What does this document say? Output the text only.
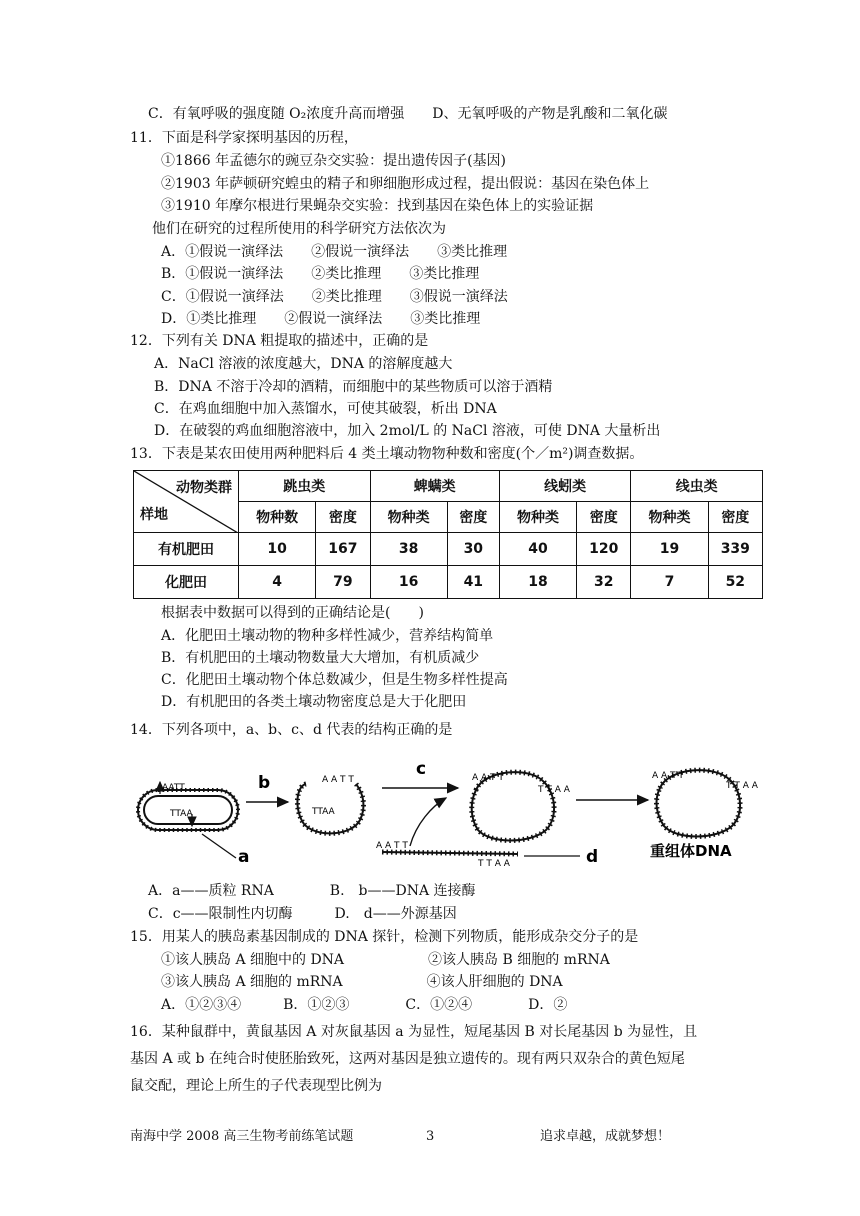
C．有氧呼吸的强度随 O₂浓度升高而增强　　D、无氧呼吸的产物是乳酸和二氧化碳
11．下面是科学家探明基因的历程，
①1866 年孟德尔的豌豆杂交实验：提出遗传因子(基因)
②1903 年萨顿研究蝗虫的精子和卵细胞形成过程，提出假说：基因在染色体上
③1910 年摩尔根进行果蝇杂交实验：找到基因在染色体上的实验证据
他们在研究的过程所使用的科学研究方法依次为
A．①假说一演绎法　　②假说一演绎法　　③类比推理
B．①假说一演绎法　　②类比推理　　③类比推理
C．①假说一演绎法　　②类比推理　　③假说一演绎法
D．①类比推理　　②假说一演绎法　　③类比推理
12．下列有关 DNA 粗提取的描述中，正确的是
A．NaCl 溶液的浓度越大，DNA 的溶解度越大
B．DNA 不溶于冷却的酒精，而细胞中的某些物质可以溶于酒精
C．在鸡血细胞中加入蒸馏水，可使其破裂，析出 DNA
D．在破裂的鸡血细胞溶液中，加入 2mol/L 的 NaCl 溶液，可使 DNA 大量析出
13．下表是某农田使用两种肥料后 4 类土壤动物物种数和密度(个／m²)调查数据。
动物类群
样地	跳虫类		蜱螨类		线蚓类		线虫类	
	物种数	密度	物种类	密度	物种类	密度	物种类	密度
有机肥田	10	167	38	30	40	120	19	339
化肥田	4	79	16	41	18	32	7	52
根据表中数据可以得到的正确结论是(　　)
A．化肥田土壤动物的物种多样性减少，营养结构简单
B．有机肥田的土壤动物数量大大增加，有机质减少
C．化肥田土壤动物个体总数减少，但是生物多样性提高
D．有机肥田的各类土壤动物密度总是大于化肥田
14．下列各项中，a、b、c、d 代表的结构正确的是
AATT
TTAA
a
b	A A T T
TTAA
c
A A T T
T T A A	d
A A T T
T T A A
A A T T
T T A A
重组体DNA
A．a——质粒 RNA　　　　B.　b——DNA 连接酶
C．c——限制性内切酶　　　D.　d——外源基因
15．用某人的胰岛素基因制成的 DNA 探针，检测下列物质，能形成杂交分子的是
①该人胰岛 A 细胞中的 DNA　　　　　　②该人胰岛 B 细胞的 mRNA
③该人胰岛 A 细胞的 mRNA　　　　　　④该人肝细胞的 DNA
A．①②③④　　　B．①②③　　　　C．①②④　　　　D．②
16．某种鼠群中，黄鼠基因 A 对灰鼠基因 a 为显性，短尾基因 B 对长尾基因 b 为显性，且
基因 A 或 b 在纯合时使胚胎致死，这两对基因是独立遗传的。现有两只双杂合的黄色短尾
鼠交配，理论上所生的子代表现型比例为
南海中学 2008 高三生物考前练笔试题	3	追求卓越，成就梦想！
